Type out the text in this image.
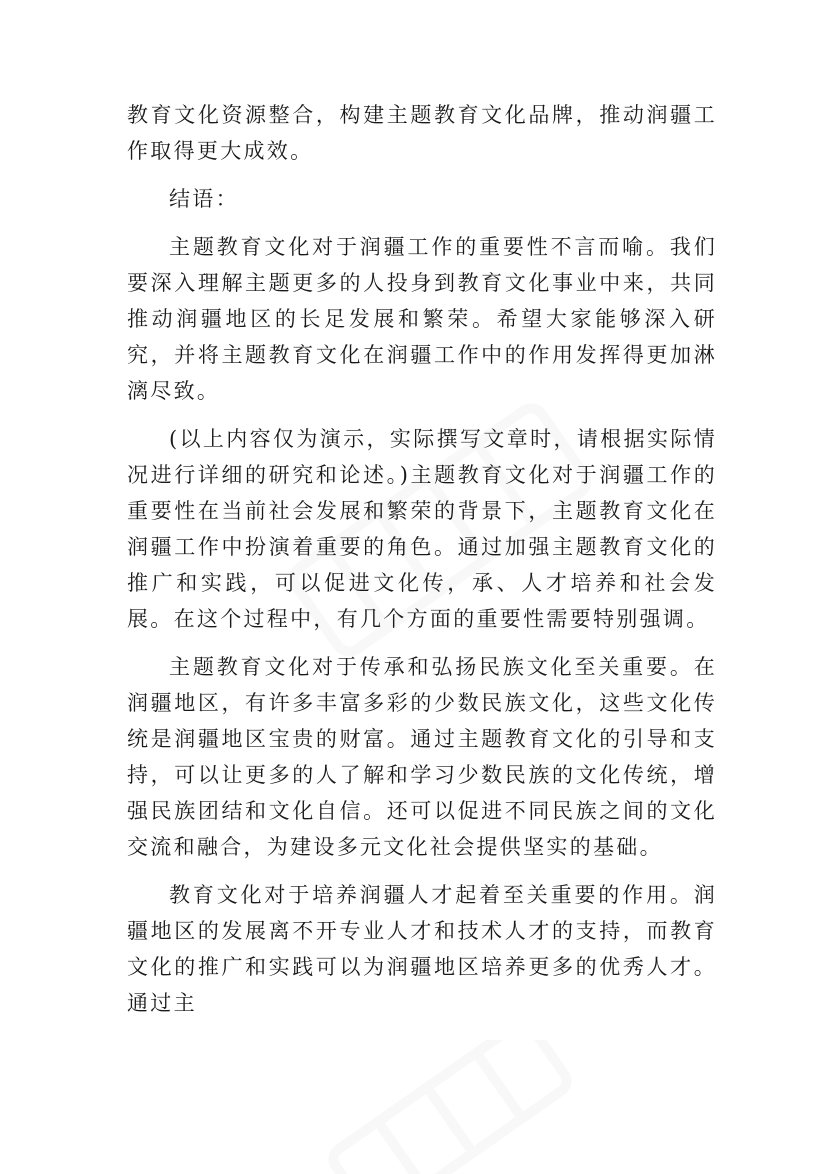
教育文化资源整合，构建主题教育文化品牌，推动润疆工作取得更大成效。

结语：

主题教育文化对于润疆工作的重要性不言而喻。我们要深入理解主题更多的人投身到教育文化事业中来，共同推动润疆地区的长足发展和繁荣。希望大家能够深入研究，并将主题教育文化在润疆工作中的作用发挥得更加淋漓尽致。

(以上内容仅为演示，实际撰写文章时，请根据实际情况进行详细的研究和论述。)主题教育文化对于润疆工作的重要性在当前社会发展和繁荣的背景下，主题教育文化在润疆工作中扮演着重要的角色。通过加强主题教育文化的推广和实践，可以促进文化传，承、人才培养和社会发展。在这个过程中，有几个方面的重要性需要特别强调。

主题教育文化对于传承和弘扬民族文化至关重要。在润疆地区，有许多丰富多彩的少数民族文化，这些文化传统是润疆地区宝贵的财富。通过主题教育文化的引导和支持，可以让更多的人了解和学习少数民族的文化传统，增强民族团结和文化自信。还可以促进不同民族之间的文化交流和融合，为建设多元文化社会提供坚实的基础。

教育文化对于培养润疆人才起着至关重要的作用。润疆地区的发展离不开专业人才和技术人才的支持，而教育文化的推广和实践可以为润疆地区培养更多的优秀人才。通过主
